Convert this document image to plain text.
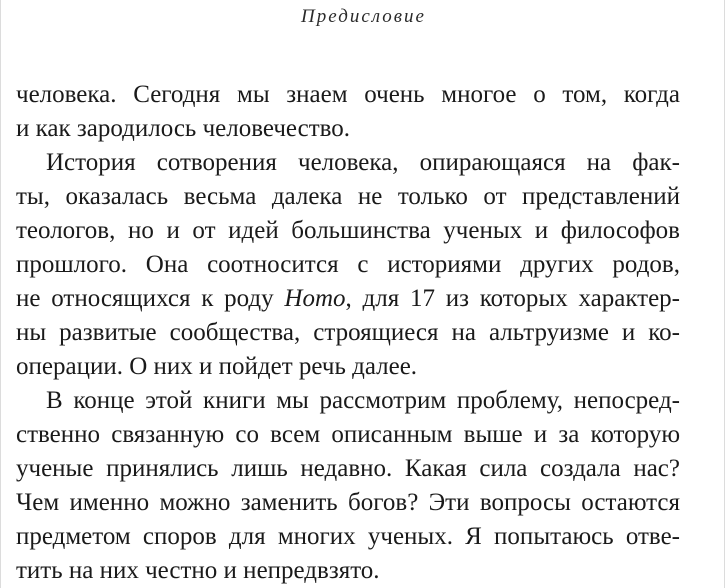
Предисловие
человека. Сегодня мы знаем очень многое о том, когда
и как зародилось человечество.
История сотворения человека, опирающаяся на фак-
ты, оказалась весьма далека не только от представлений
теологов, но и от идей большинства ученых и философов
прошлого. Она соотносится с историями других родов,
не относящихся к роду Homo, для 17 из которых характер-
ны развитые сообщества, строящиеся на альтруизме и ко-
операции. О них и пойдет речь далее.
В конце этой книги мы рассмотрим проблему, непосред-
ственно связанную со всем описанным выше и за которую
ученые принялись лишь недавно. Какая сила создала нас?
Чем именно можно заменить богов? Эти вопросы остаются
предметом споров для многих ученых. Я попытаюсь отве-
тить на них честно и непредвзято.
